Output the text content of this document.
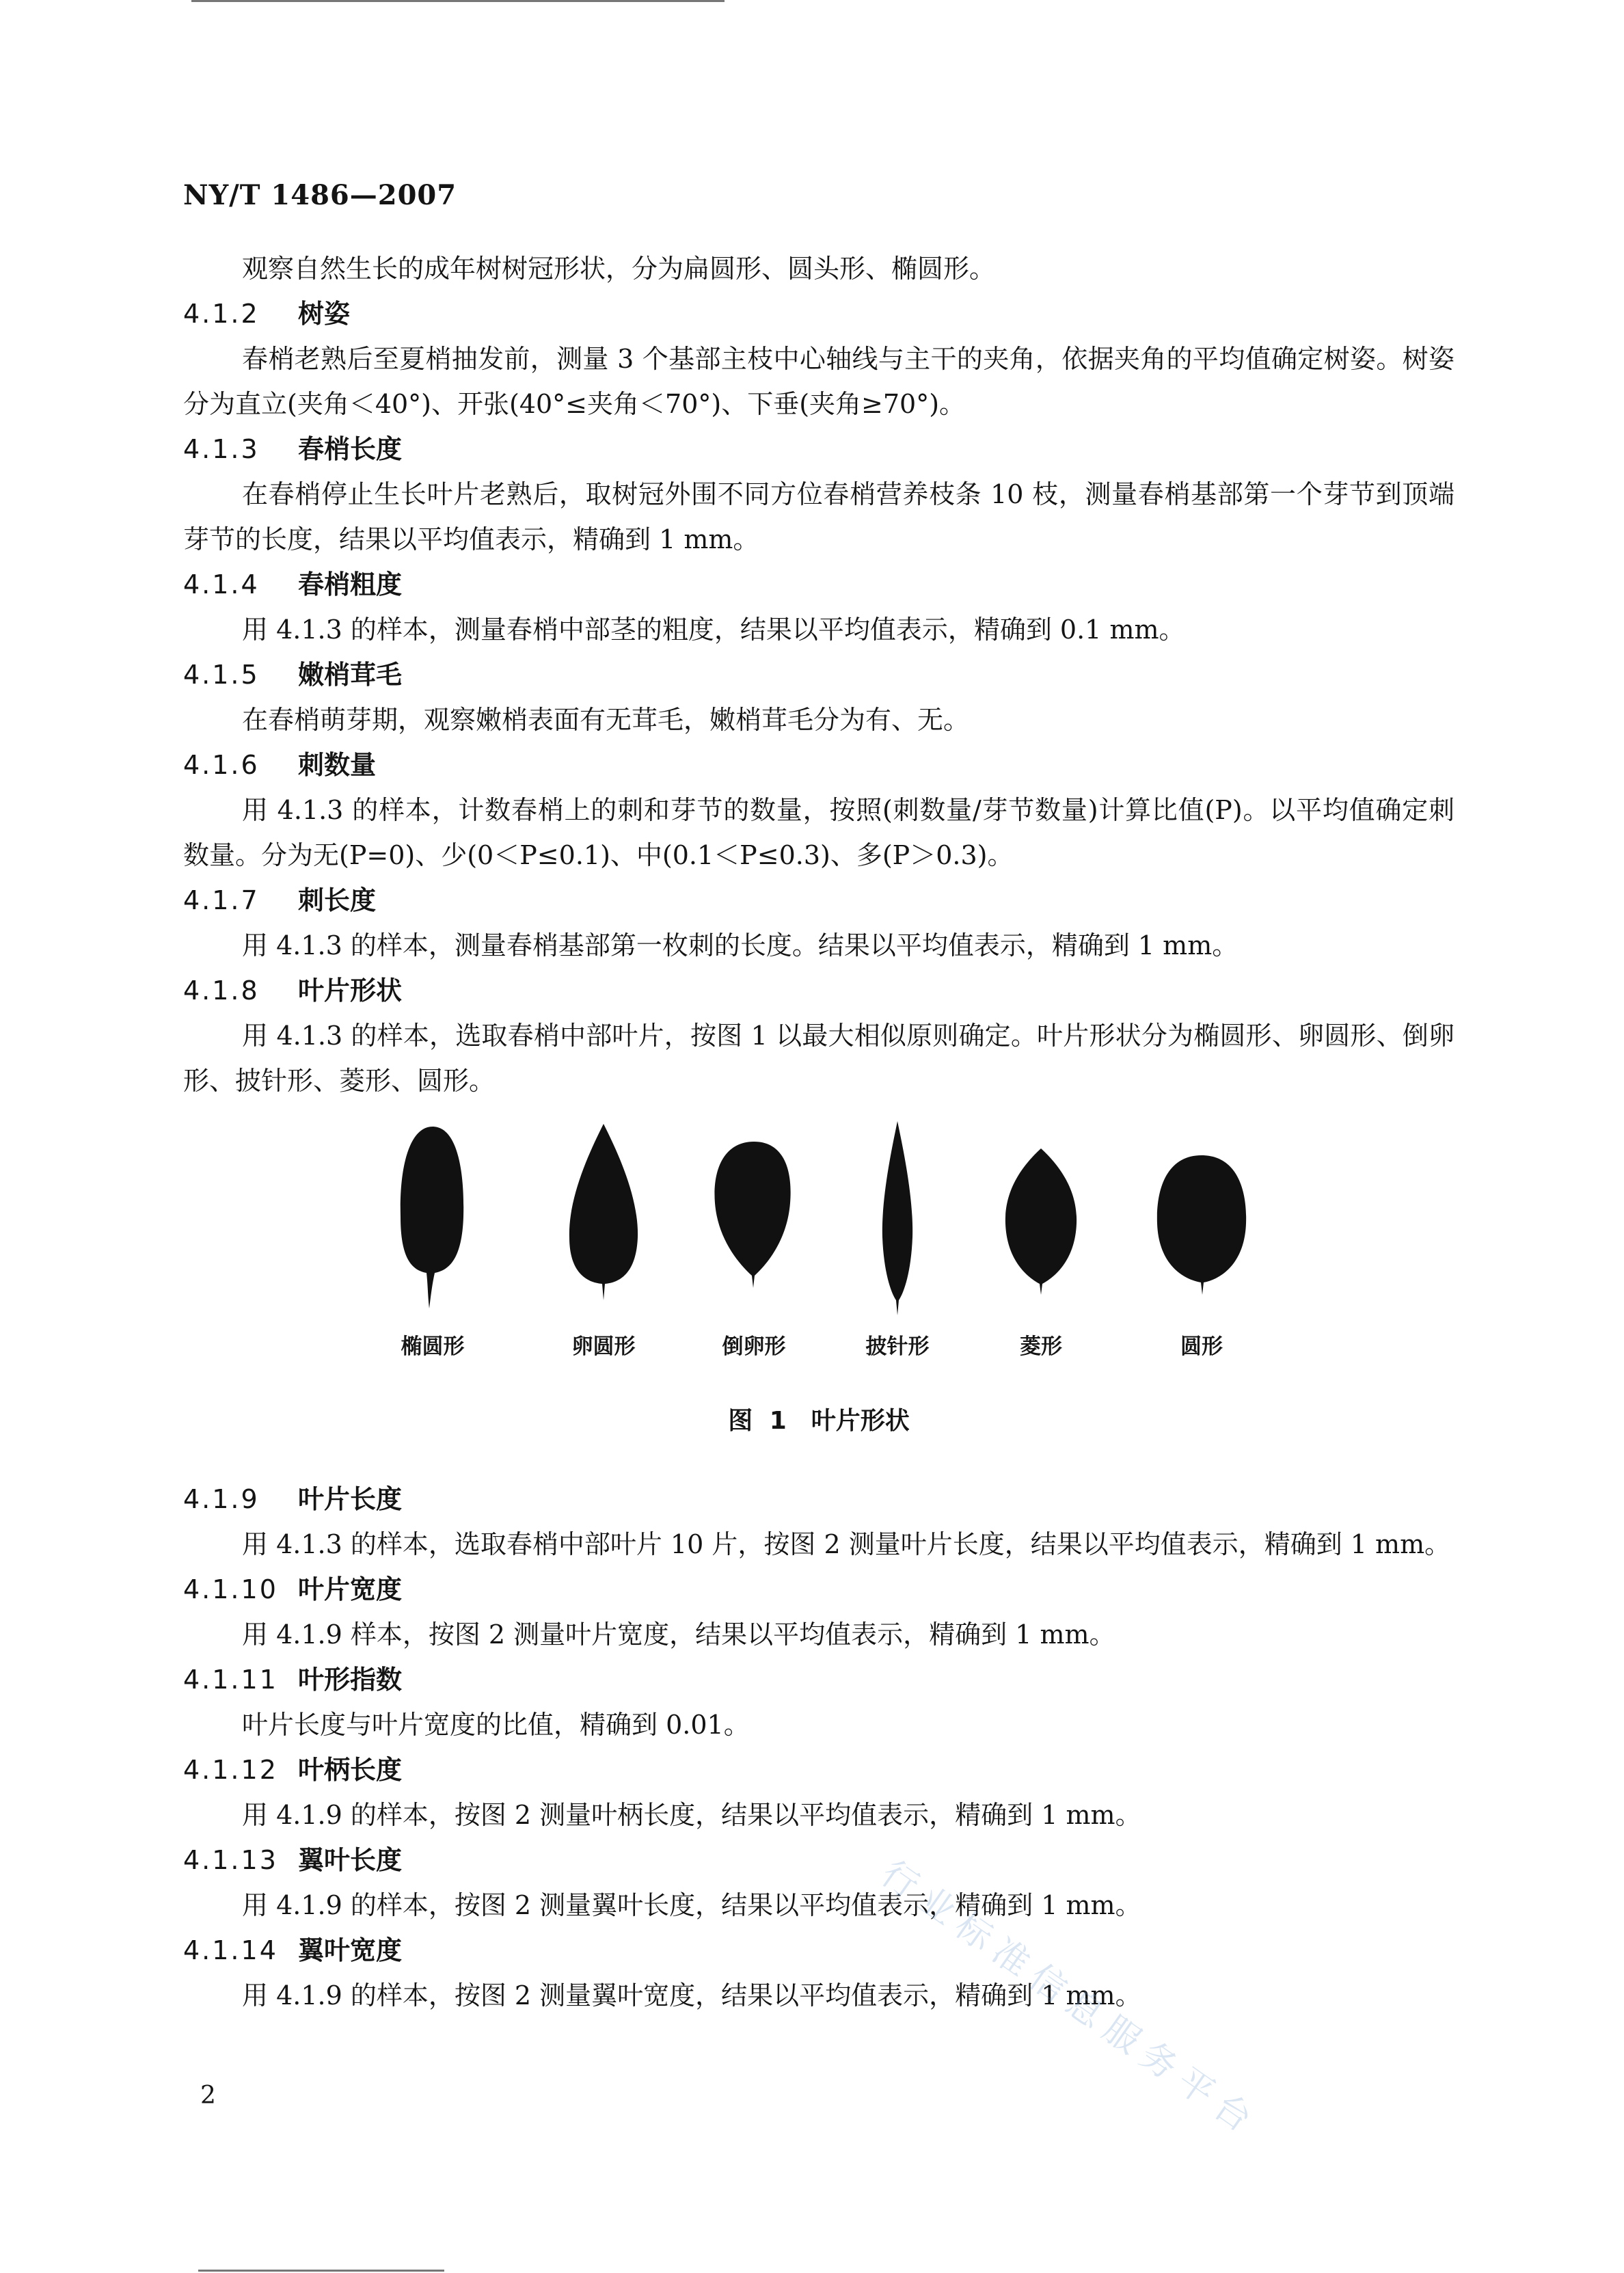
NY/T 1486—2007

观察自然生长的成年树树冠形状，分为扁圆形、圆头形、椭圆形。

4.1.2 树姿

春梢老熟后至夏梢抽发前，测量 3 个基部主枝中心轴线与主干的夹角，依据夹角的平均值确定树姿。树姿分为直立(夹角＜40°)、开张(40°≤夹角＜70°)、下垂(夹角≥70°)。

4.1.3 春梢长度

在春梢停止生长叶片老熟后，取树冠外围不同方位春梢营养枝条 10 枝，测量春梢基部第一个芽节到顶端芽节的长度，结果以平均值表示，精确到 1 mm。

4.1.4 春梢粗度

用 4.1.3 的样本，测量春梢中部茎的粗度，结果以平均值表示，精确到 0.1 mm。

4.1.5 嫩梢茸毛

在春梢萌芽期，观察嫩梢表面有无茸毛，嫩梢茸毛分为有、无。

4.1.6 刺数量

用 4.1.3 的样本，计数春梢上的刺和芽节的数量，按照(刺数量/芽节数量)计算比值(P)。以平均值确定刺数量。分为无(P=0)、少(0＜P≤0.1)、中(0.1＜P≤0.3)、多(P＞0.3)。

4.1.7 刺长度

用 4.1.3 的样本，测量春梢基部第一枚刺的长度。结果以平均值表示，精确到 1 mm。

4.1.8 叶片形状

用 4.1.3 的样本，选取春梢中部叶片，按图 1 以最大相似原则确定。叶片形状分为椭圆形、卵圆形、倒卵形、披针形、菱形、圆形。

椭圆形	卵圆形	倒卵形	披针形	菱形	圆形
图 1　叶片形状

4.1.9 叶片长度

用 4.1.3 的样本，选取春梢中部叶片 10 片，按图 2 测量叶片长度，结果以平均值表示，精确到 1 mm。

4.1.10 叶片宽度

用 4.1.9 样本，按图 2 测量叶片宽度，结果以平均值表示，精确到 1 mm。

4.1.11 叶形指数

叶片长度与叶片宽度的比值，精确到 0.01。

4.1.12 叶柄长度

用 4.1.9 的样本，按图 2 测量叶柄长度，结果以平均值表示，精确到 1 mm。

4.1.13 翼叶长度

用 4.1.9 的样本，按图 2 测量翼叶长度，结果以平均值表示，精确到 1 mm。

4.1.14 翼叶宽度

用 4.1.9 的样本，按图 2 测量翼叶宽度，结果以平均值表示，精确到 1 mm。

行业标准信息服务平台
2
